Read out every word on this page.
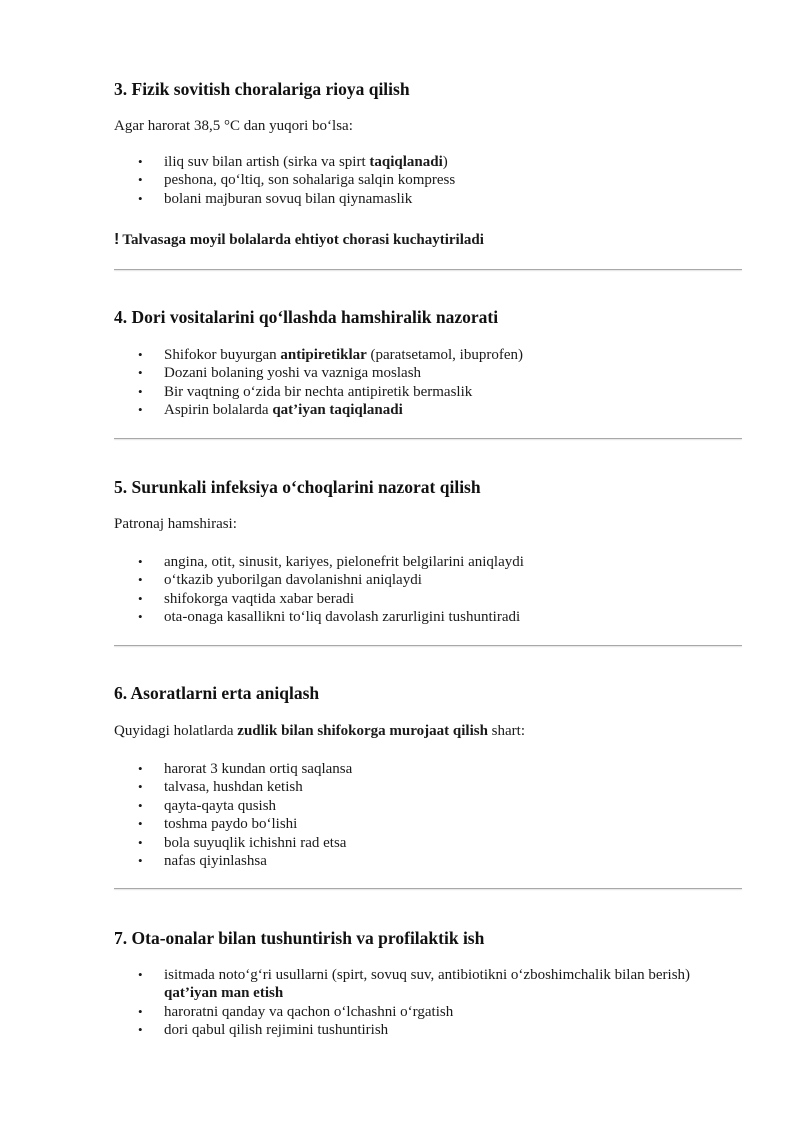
3. Fizik sovitish choralariga rioya qilish

Agar harorat 38,5 °C dan yuqori bo‘lsa:

• iliq suv bilan artish (sirka va spirt taqiqlanadi)
• peshona, qo‘ltiq, son sohalariga salqin kompress
• bolani majburan sovuq bilan qiynamaslik
! Talvasaga moyil bolalarda ehtiyot chorasi kuchaytiriladi
4. Dori vositalarini qo‘llashda hamshiralik nazorati
• Shifokor buyurgan antipiretiklar (paratsetamol, ibuprofen)
• Dozani bolaning yoshi va vazniga moslash
• Bir vaqtning o‘zida bir nechta antipiretik bermaslik
• Aspirin bolalarda qat’iyan taqiqlanadi
5. Surunkali infeksiya o‘choqlarini nazorat qilish

Patronaj hamshirasi:

• angina, otit, sinusit, kariyes, pielonefrit belgilarini aniqlaydi
• o‘tkazib yuborilgan davolanishni aniqlaydi
• shifokorga vaqtida xabar beradi
• ota-onaga kasallikni to‘liq davolash zarurligini tushuntiradi
6. Asoratlarni erta aniqlash

Quyidagi holatlarda zudlik bilan shifokorga murojaat qilish shart:

• harorat 3 kundan ortiq saqlansa
• talvasa, hushdan ketish
• qayta-qayta qusish
• toshma paydo bo‘lishi
• bola suyuqlik ichishni rad etsa
• nafas qiyinlashsa
7. Ota-onalar bilan tushuntirish va profilaktik ish
• isitmada noto‘g‘ri usullarni (spirt, sovuq suv, antibiotikni o‘zboshimchalik bilan berish) qat’iyan man etish
• haroratni qanday va qachon o‘lchashni o‘rgatish
• dori qabul qilish rejimini tushuntirish
